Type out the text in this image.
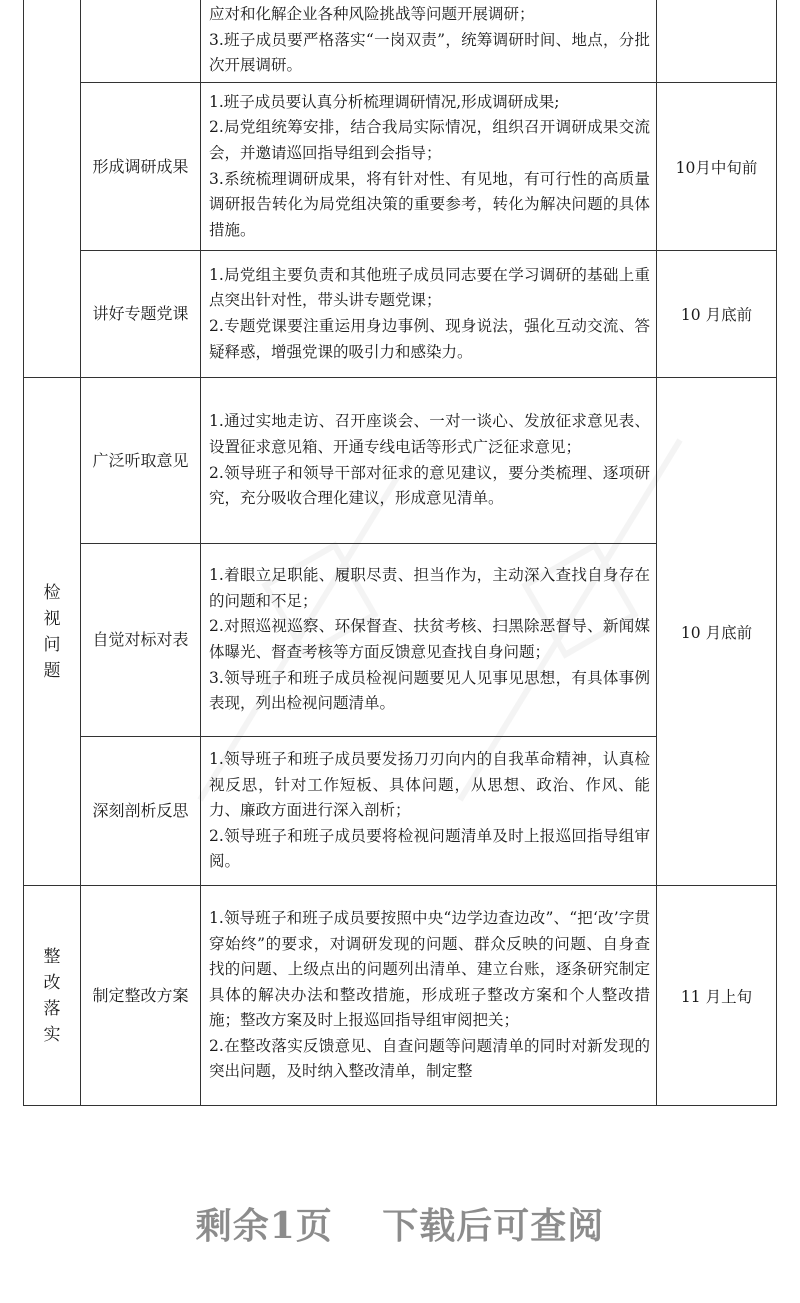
		应对和化解企业各种风险挑战等问题开展调研；

3.班子成员要严格落实“一岗双责”，统筹调研时间、地点，分批次开展调研。	

	形成调研成果	1.班子成员要认真分析梳理调研情况,形成调研成果;

2.局党组统筹安排，结合我局实际情况，组织召开调研成果交流会，并邀请巡回指导组到会指导；

3.系统梳理调研成果，将有针对性、有见地，有可行性的高质量调研报告转化为局党组决策的重要参考，转化为解决问题的具体措施。	10月中旬前
	讲好专题党课	1.局党组主要负责和其他班子成员同志要在学习调研的基础上重点突出针对性，带头讲专题党课；

2.专题党课要注重运用身边事例、现身说法，强化互动交流、答疑释惑，增强党课的吸引力和感染力。	10 月底前
检视问题	广泛听取意见	1.通过实地走访、召开座谈会、一对一谈心、发放征求意见表、设置征求意见箱、开通专线电话等形式广泛征求意见；

2.领导班子和领导干部对征求的意见建议，要分类梳理、逐项研究，充分吸收合理化建议，形成意见清单。	10 月底前
	自觉对标对表	1.着眼立足职能、履职尽责、担当作为，主动深入查找自身存在的问题和不足；

2.对照巡视巡察、环保督查、扶贫考核、扫黑除恶督导、新闻媒体曝光、督查考核等方面反馈意见查找自身问题；

3.领导班子和班子成员检视问题要见人见事见思想，有具体事例表现，列出检视问题清单。	

	深刻剖析反思	1.领导班子和班子成员要发扬刀刃向内的自我革命精神，认真检视反思，针对工作短板、具体问题，从思想、政治、作风、能力、廉政方面进行深入剖析；

2.领导班子和班子成员要将检视问题清单及时上报巡回指导组审阅。	

整改落实	制定整改方案	1.领导班子和班子成员要按照中央“边学边查边改”、“把‘改’字贯穿始终”的要求，对调研发现的问题、群众反映的问题、自身查找的问题、上级点出的问题列出清单、建立台账，逐条研究制定具体的解决办法和整改措施，形成班子整改方案和个人整改措施；整改方案及时上报巡回指导组审阅把关；

2.在整改落实反馈意见、自查问题等问题清单的同时对新发现的突出问题，及时纳入整改清单，制定整	11 月上旬
剩余1页 下载后可查阅
